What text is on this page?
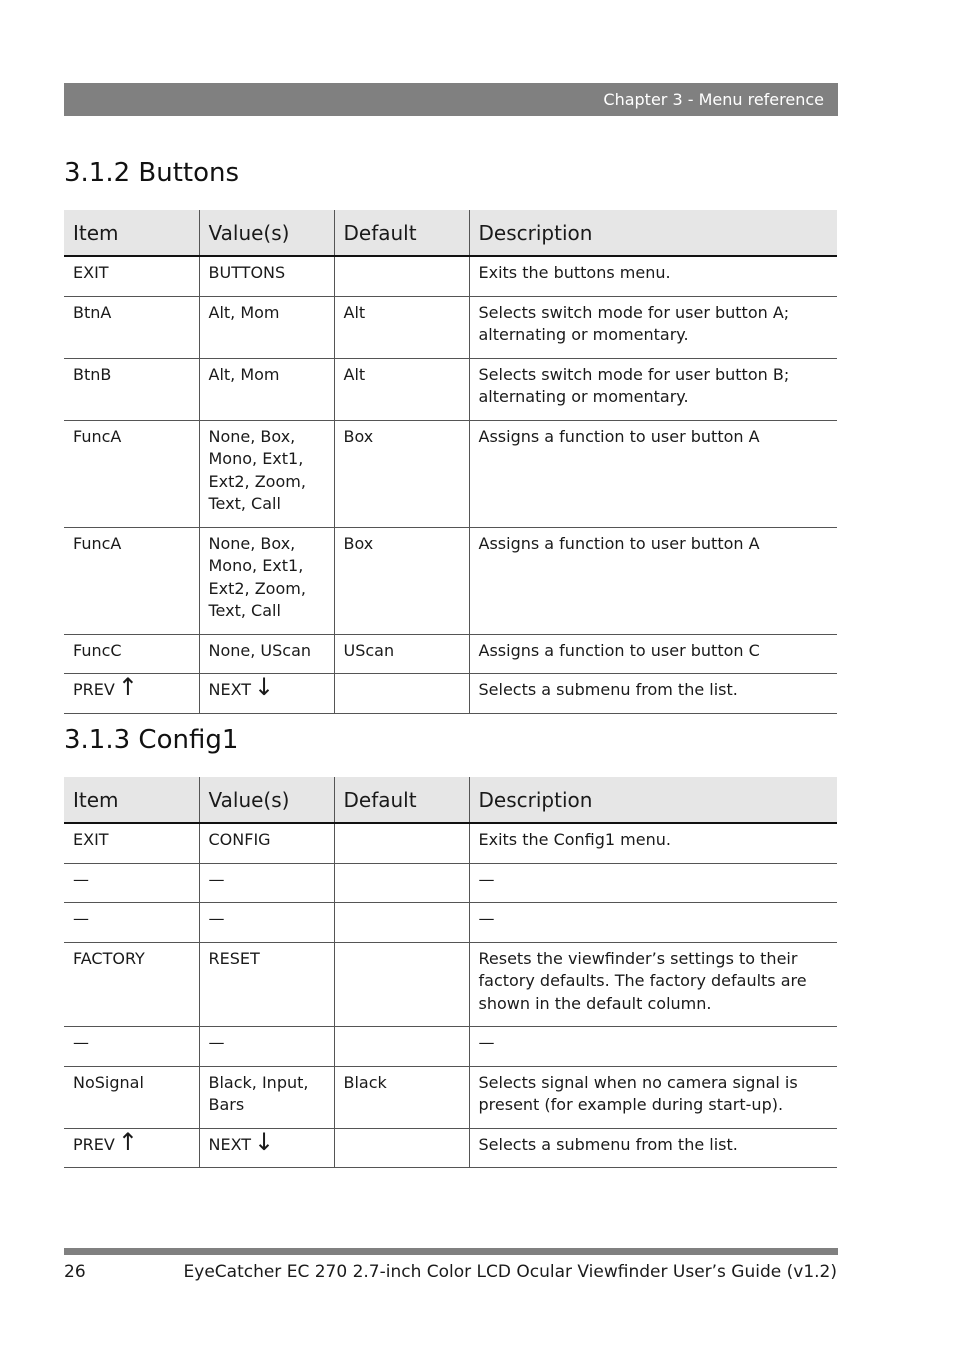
Chapter 3 - Menu reference
3.1.2 Buttons
Item	Value(s)	Default	Description
EXIT	BUTTONS		Exits the buttons menu.
BtnA	Alt, Mom	Alt	Selects switch mode for user button A; alternating or momentary.
BtnB	Alt, Mom	Alt	Selects switch mode for user button B; alternating or momentary.
FuncA	None, Box, Mono, Ext1, Ext2, Zoom, Text, Call	Box	Assigns a function to user button A
FuncA	None, Box, Mono, Ext1, Ext2, Zoom, Text, Call	Box	Assigns a function to user button A
FuncC	None, UScan	UScan	Assigns a function to user button C
PREV ↑	NEXT ↓		Selects a submenu from the list.
3.1.3 Config1
Item	Value(s)	Default	Description
EXIT	CONFIG		Exits the Config1 menu.
—	—		—
—	—		—
FACTORY	RESET		Resets the viewfinder’s settings to their factory defaults. The factory defaults are shown in the default column.
—	—		—
NoSignal	Black, Input, Bars	Black	Selects signal when no camera signal is present (for example during start-up).
PREV ↑	NEXT ↓		Selects a submenu from the list.
26	EyeCatcher EC 270 2.7-inch Color LCD Ocular Viewfinder User’s Guide (v1.2)
